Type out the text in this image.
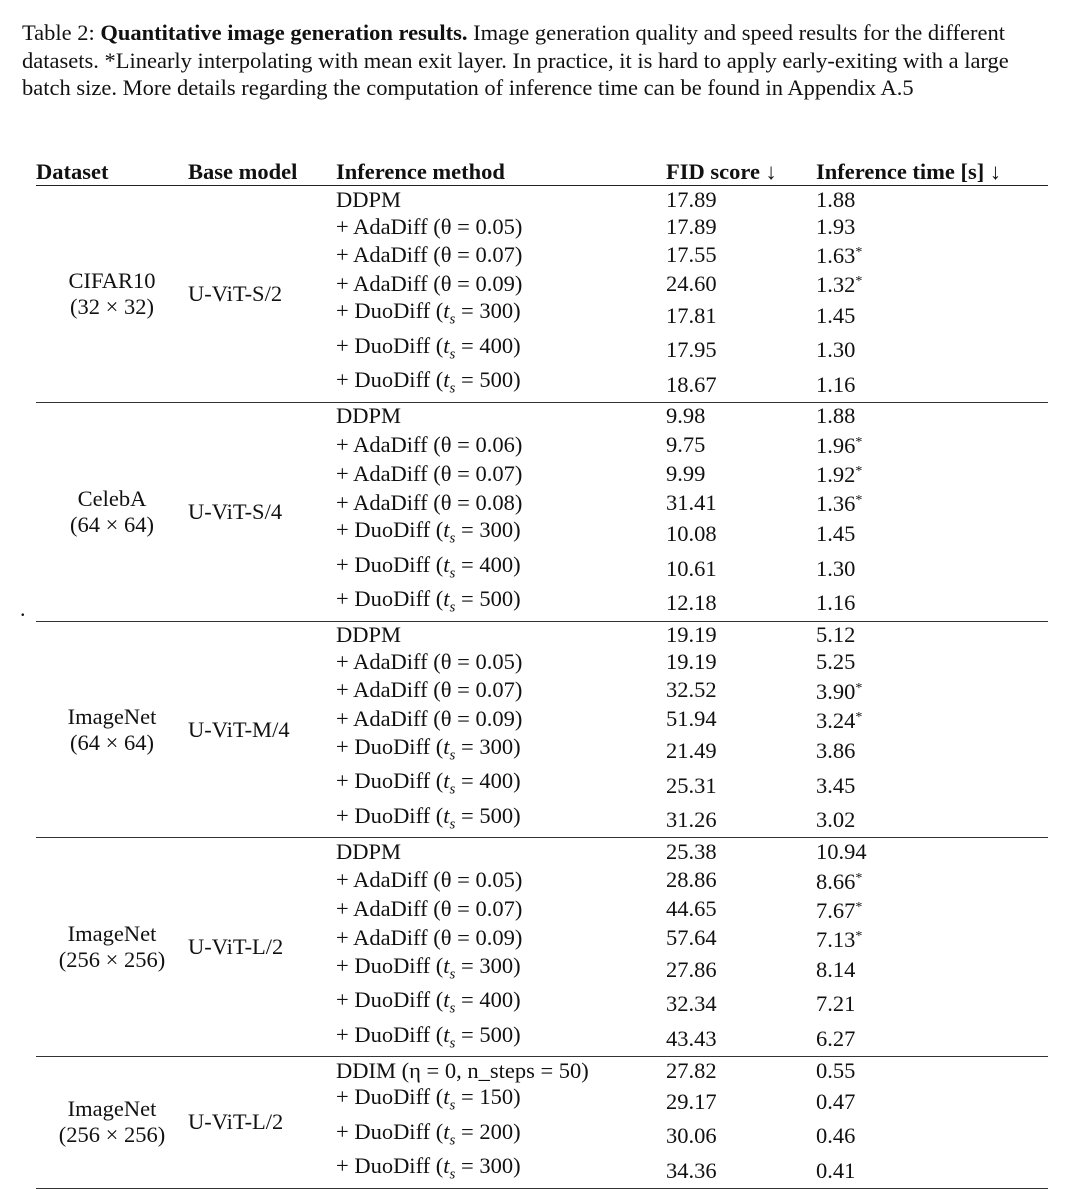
Table 2: Quantitative image generation results. Image generation quality and speed results for the different datasets. *Linearly interpolating with mean exit layer. In practice, it is hard to apply early-exiting with a large batch size. More details regarding the computation of inference time can be found in Appendix A.5
.
Dataset	Base model	Inference method	FID score ↓	Inference time [s] ↓

CIFAR10
(32 × 32)	U-ViT-S/2	DDPM	17.89	1.88
		+ AdaDiff (θ = 0.05)	17.89	1.93
		+ AdaDiff (θ = 0.07)	17.55	1.63*
		+ AdaDiff (θ = 0.09)	24.60	1.32*
		+ DuoDiff $(t_s = 300)$	17.81	1.45
		+ DuoDiff $(t_s = 400)$	17.95	1.30
		+ DuoDiff $(t_s = 500)$	18.67	1.16

CelebA
(64 × 64)	U-ViT-S/4	DDPM	9.98	1.88
		+ AdaDiff (θ = 0.06)	9.75	1.96*
		+ AdaDiff (θ = 0.07)	9.99	1.92*
		+ AdaDiff (θ = 0.08)	31.41	1.36*
		+ DuoDiff $(t_s = 300)$	10.08	1.45
		+ DuoDiff $(t_s = 400)$	10.61	1.30
		+ DuoDiff $(t_s = 500)$	12.18	1.16

ImageNet
(64 × 64)	U-ViT-M/4	DDPM	19.19	5.12
		+ AdaDiff (θ = 0.05)	19.19	5.25
		+ AdaDiff (θ = 0.07)	32.52	3.90*
		+ AdaDiff (θ = 0.09)	51.94	3.24*
		+ DuoDiff $(t_s = 300)$	21.49	3.86
		+ DuoDiff $(t_s = 400)$	25.31	3.45
		+ DuoDiff $(t_s = 500)$	31.26	3.02

ImageNet
(256 × 256)	U-ViT-L/2	DDPM	25.38	10.94
		+ AdaDiff (θ = 0.05)	28.86	8.66*
		+ AdaDiff (θ = 0.07)	44.65	7.67*
		+ AdaDiff (θ = 0.09)	57.64	7.13*
		+ DuoDiff $(t_s = 300)$	27.86	8.14
		+ DuoDiff $(t_s = 400)$	32.34	7.21
		+ DuoDiff $(t_s = 500)$	43.43	6.27

ImageNet
(256 × 256)	U-ViT-L/2	DDIM (η = 0, n_steps = 50)	27.82	0.55
		+ DuoDiff $(t_s = 150)$	29.17	0.47
		+ DuoDiff $(t_s = 200)$	30.06	0.46
		+ DuoDiff $(t_s = 300)$	34.36	0.41
